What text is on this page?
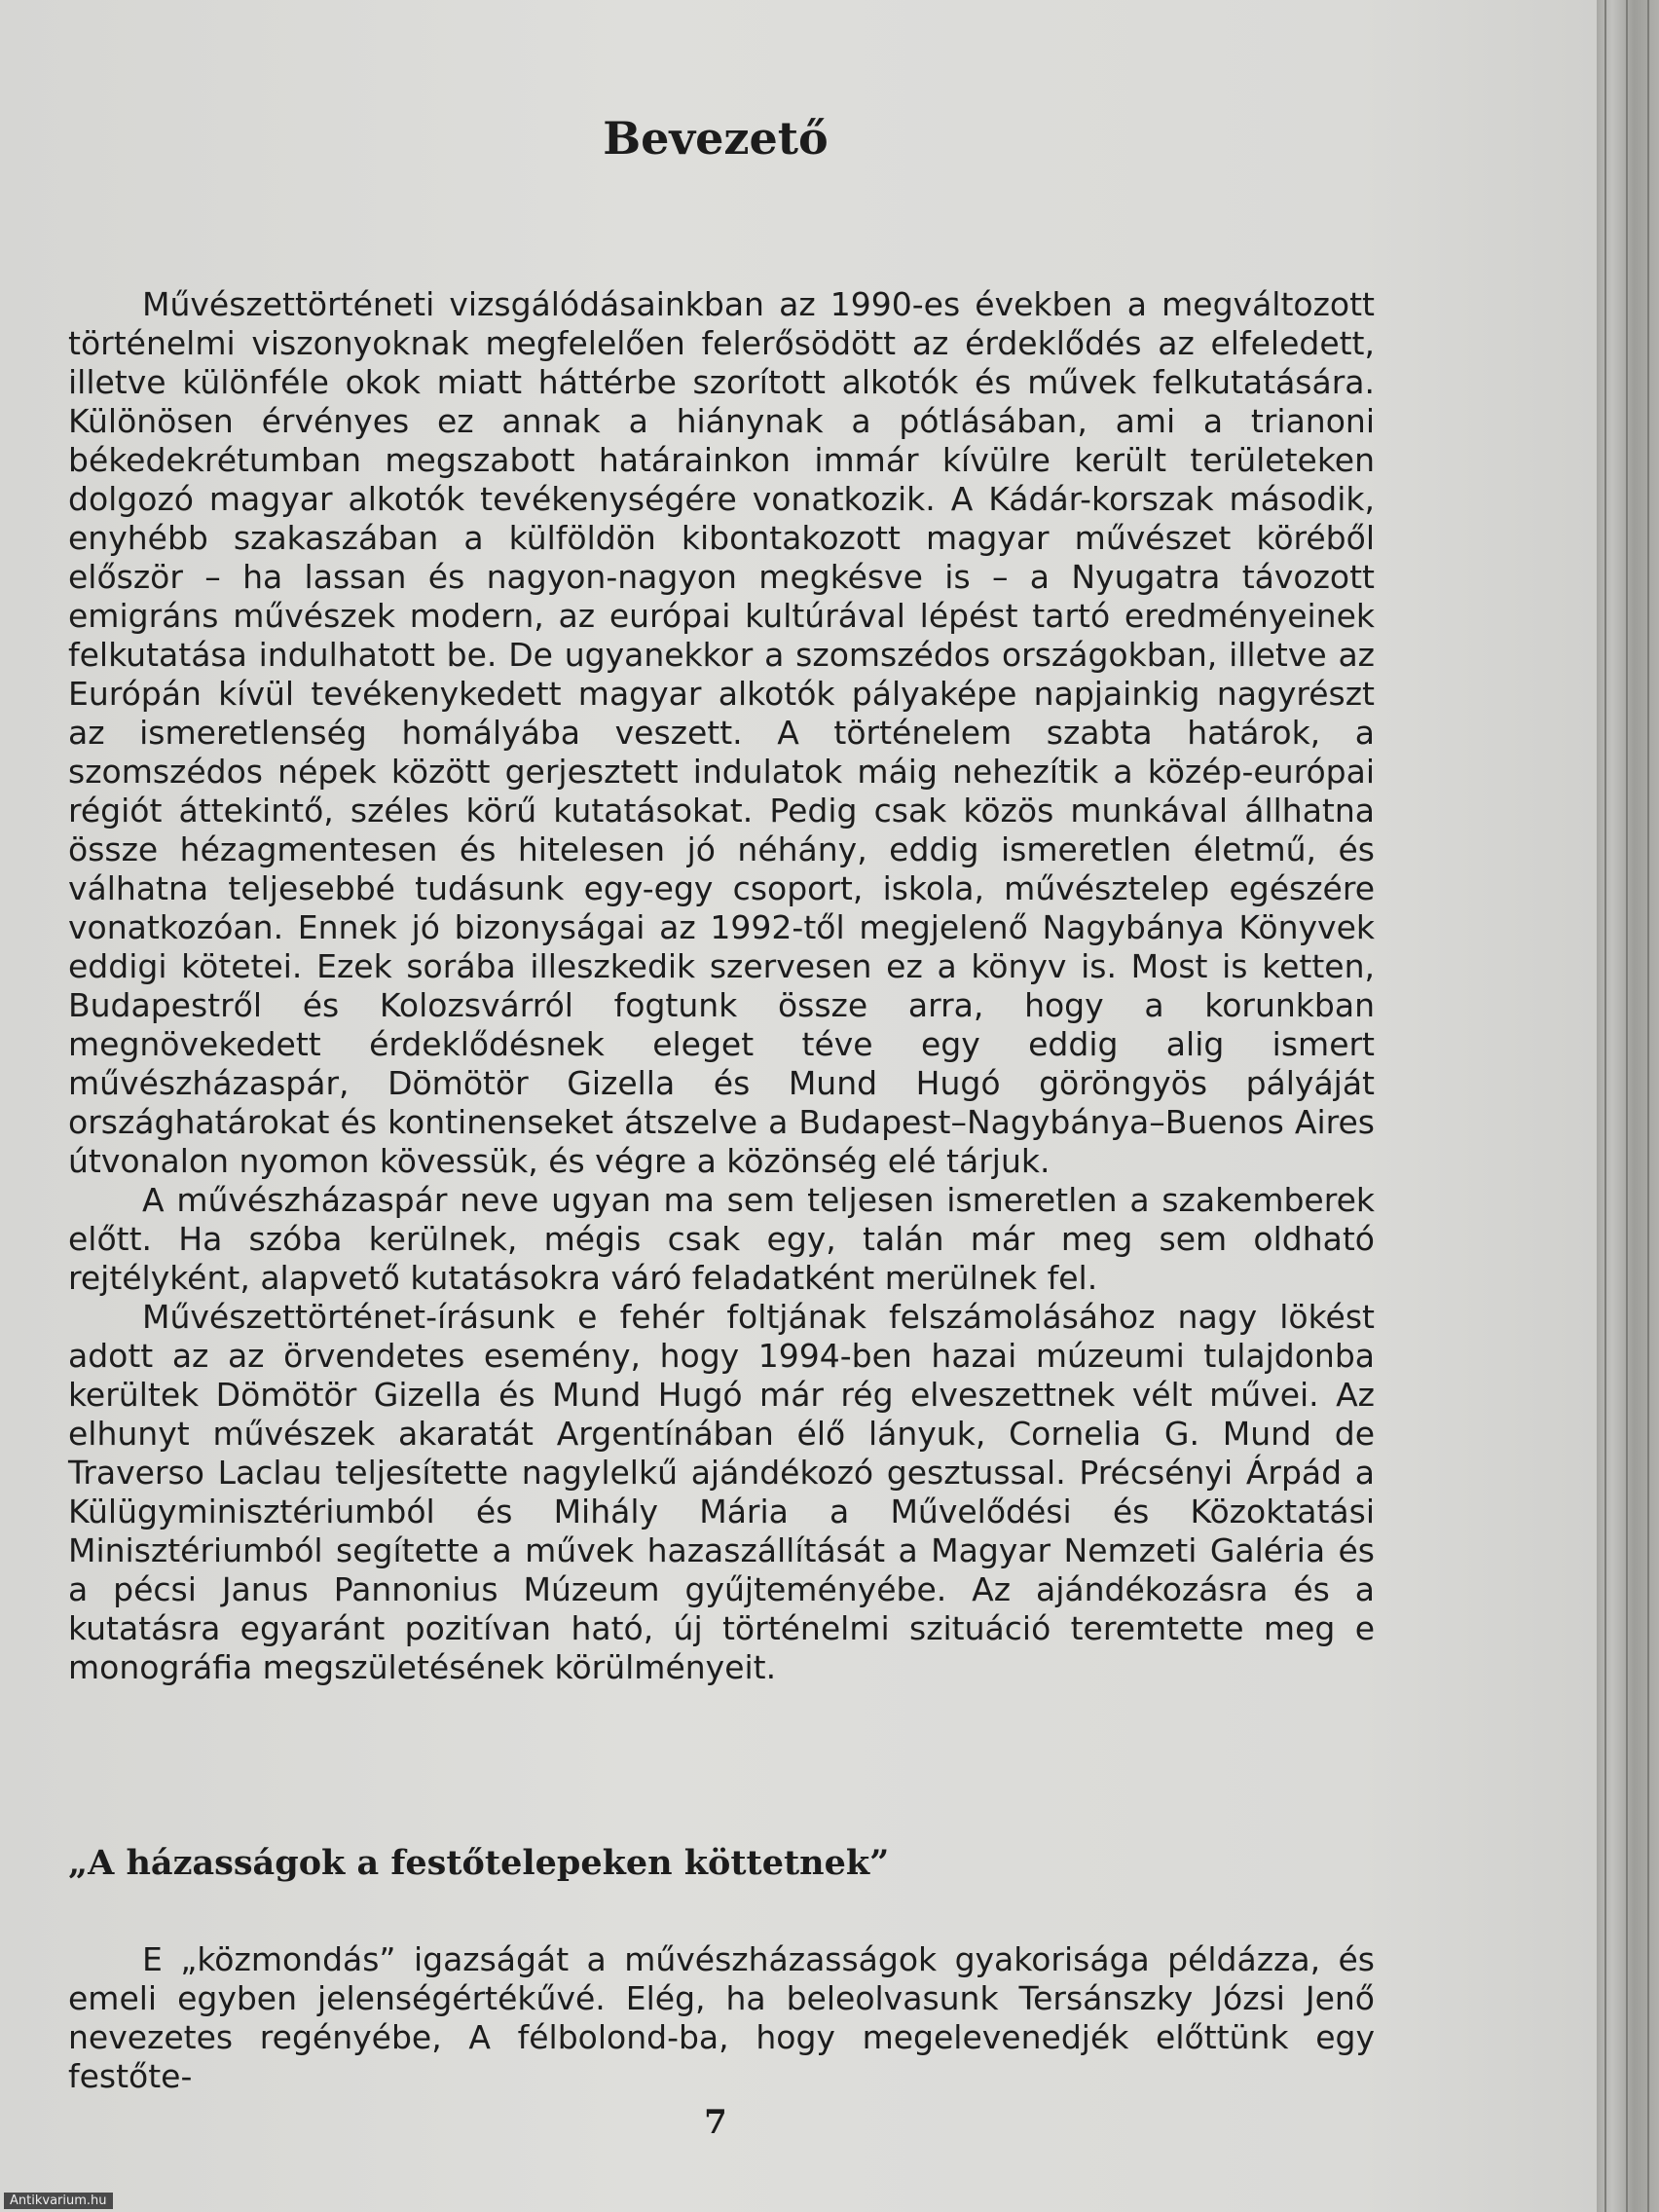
Bevezető

Művészettörténeti vizsgálódásainkban az 1990-es években a megváltozott történelmi viszonyoknak megfelelően felerősödött az érdeklődés az elfeledett, illetve különféle okok miatt háttérbe szorított alkotók és művek felkutatására. Különösen érvényes ez annak a hiánynak a pótlásában, ami a trianoni békedekrétumban megszabott határainkon immár kívülre került területeken dolgozó magyar alkotók tevékenységére vonatkozik. A Kádár-korszak második, enyhébb szakaszában a külföldön kibontakozott magyar művészet köréből először – ha lassan és nagyon-nagyon megkésve is – a Nyugatra távozott emigráns művészek modern, az európai kultúrával lépést tartó eredményeinek felkutatása indulhatott be. De ugyanekkor a szomszédos országokban, illetve az Európán kívül tevékenykedett magyar alkotók pályaképe napjainkig nagyrészt az ismeretlenség homályába veszett. A történelem szabta határok, a szomszédos népek között gerjesztett indulatok máig nehezítik a közép-európai régiót áttekintő, széles körű kutatásokat. Pedig csak közös munkával állhatna össze hézagmentesen és hitelesen jó néhány, eddig ismeretlen életmű, és válhatna teljesebbé tudásunk egy-egy csoport, iskola, művésztelep egészére vonatkozóan. Ennek jó bizonyságai az 1992-től megjelenő Nagybánya Könyvek eddigi kötetei. Ezek sorába illeszkedik szervesen ez a könyv is. Most is ketten, Budapestről és Kolozsvárról fogtunk össze arra, hogy a korunkban megnövekedett érdeklődésnek eleget téve egy eddig alig ismert művészházaspár, Dömötör Gizella és Mund Hugó göröngyös pályáját országhatárokat és kontinenseket átszelve a Budapest–Nagybánya–Buenos Aires útvonalon nyomon kövessük, és végre a közönség elé tárjuk.

A művészházaspár neve ugyan ma sem teljesen ismeretlen a szakemberek előtt. Ha szóba kerülnek, mégis csak egy, talán már meg sem oldható rejtélyként, alapvető kutatásokra váró feladatként merülnek fel.

Művészettörténet-írásunk e fehér foltjának felszámolásához nagy lökést adott az az örvendetes esemény, hogy 1994-ben hazai múzeumi tulajdonba kerültek Dömötör Gizella és Mund Hugó már rég elveszettnek vélt művei. Az elhunyt művészek akaratát Argentínában élő lányuk, Cornelia G. Mund de Traverso Laclau teljesítette nagylelkű ajándékozó gesztussal. Précsényi Árpád a Külügyminisztériumból és Mihály Mária a Művelődési és Közoktatási Minisztériumból segítette a művek hazaszállítását a Magyar Nemzeti Galéria és a pécsi Janus Pannonius Múzeum gyűjteményébe. Az ajándékozásra és a kutatásra egyaránt pozitívan ható, új történelmi szituáció teremtette meg e monográfia megszületésének körülményeit.

„A házasságok a festőtelepeken köttetnek”

E „közmondás” igazságát a művészházasságok gyakorisága példázza, és emeli egyben jelenségértékűvé. Elég, ha beleolvasunk Tersánszky Józsi Jenő nevezetes regényébe, A félbolond-ba, hogy megelevenedjék előttünk egy festőte-

7
Antikvarium.hu
